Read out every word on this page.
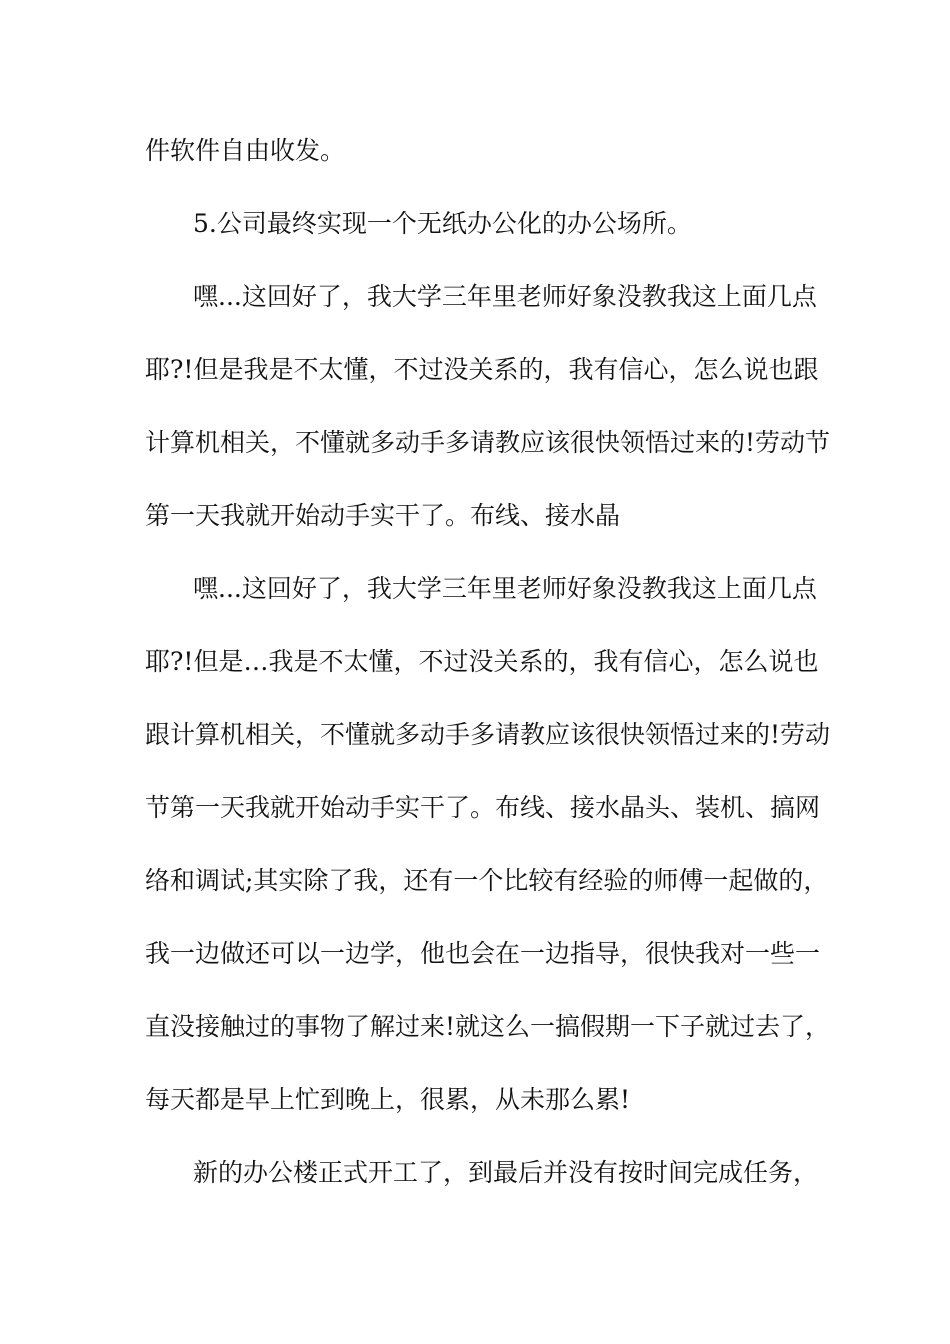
件软件自由收发。

5.公司最终实现一个无纸办公化的办公场所。

嘿...这回好了，我大学三年里老师好象没教我这上面几点

耶?!但是我是不太懂，不过没关系的，我有信心，怎么说也跟

计算机相关，不懂就多动手多请教应该很快领悟过来的!劳动节

第一天我就开始动手实干了。布线、接水晶

嘿...这回好了，我大学三年里老师好象没教我这上面几点

耶?!但是…我是不太懂，不过没关系的，我有信心，怎么说也

跟计算机相关，不懂就多动手多请教应该很快领悟过来的!劳动

节第一天我就开始动手实干了。布线、接水晶头、装机、搞网

络和调试;其实除了我，还有一个比较有经验的师傅一起做的，

我一边做还可以一边学，他也会在一边指导，很快我对一些一

直没接触过的事物了解过来!就这么一搞假期一下子就过去了，

每天都是早上忙到晚上，很累，从未那么累!

新的办公楼正式开工了，到最后并没有按时间完成任务，
